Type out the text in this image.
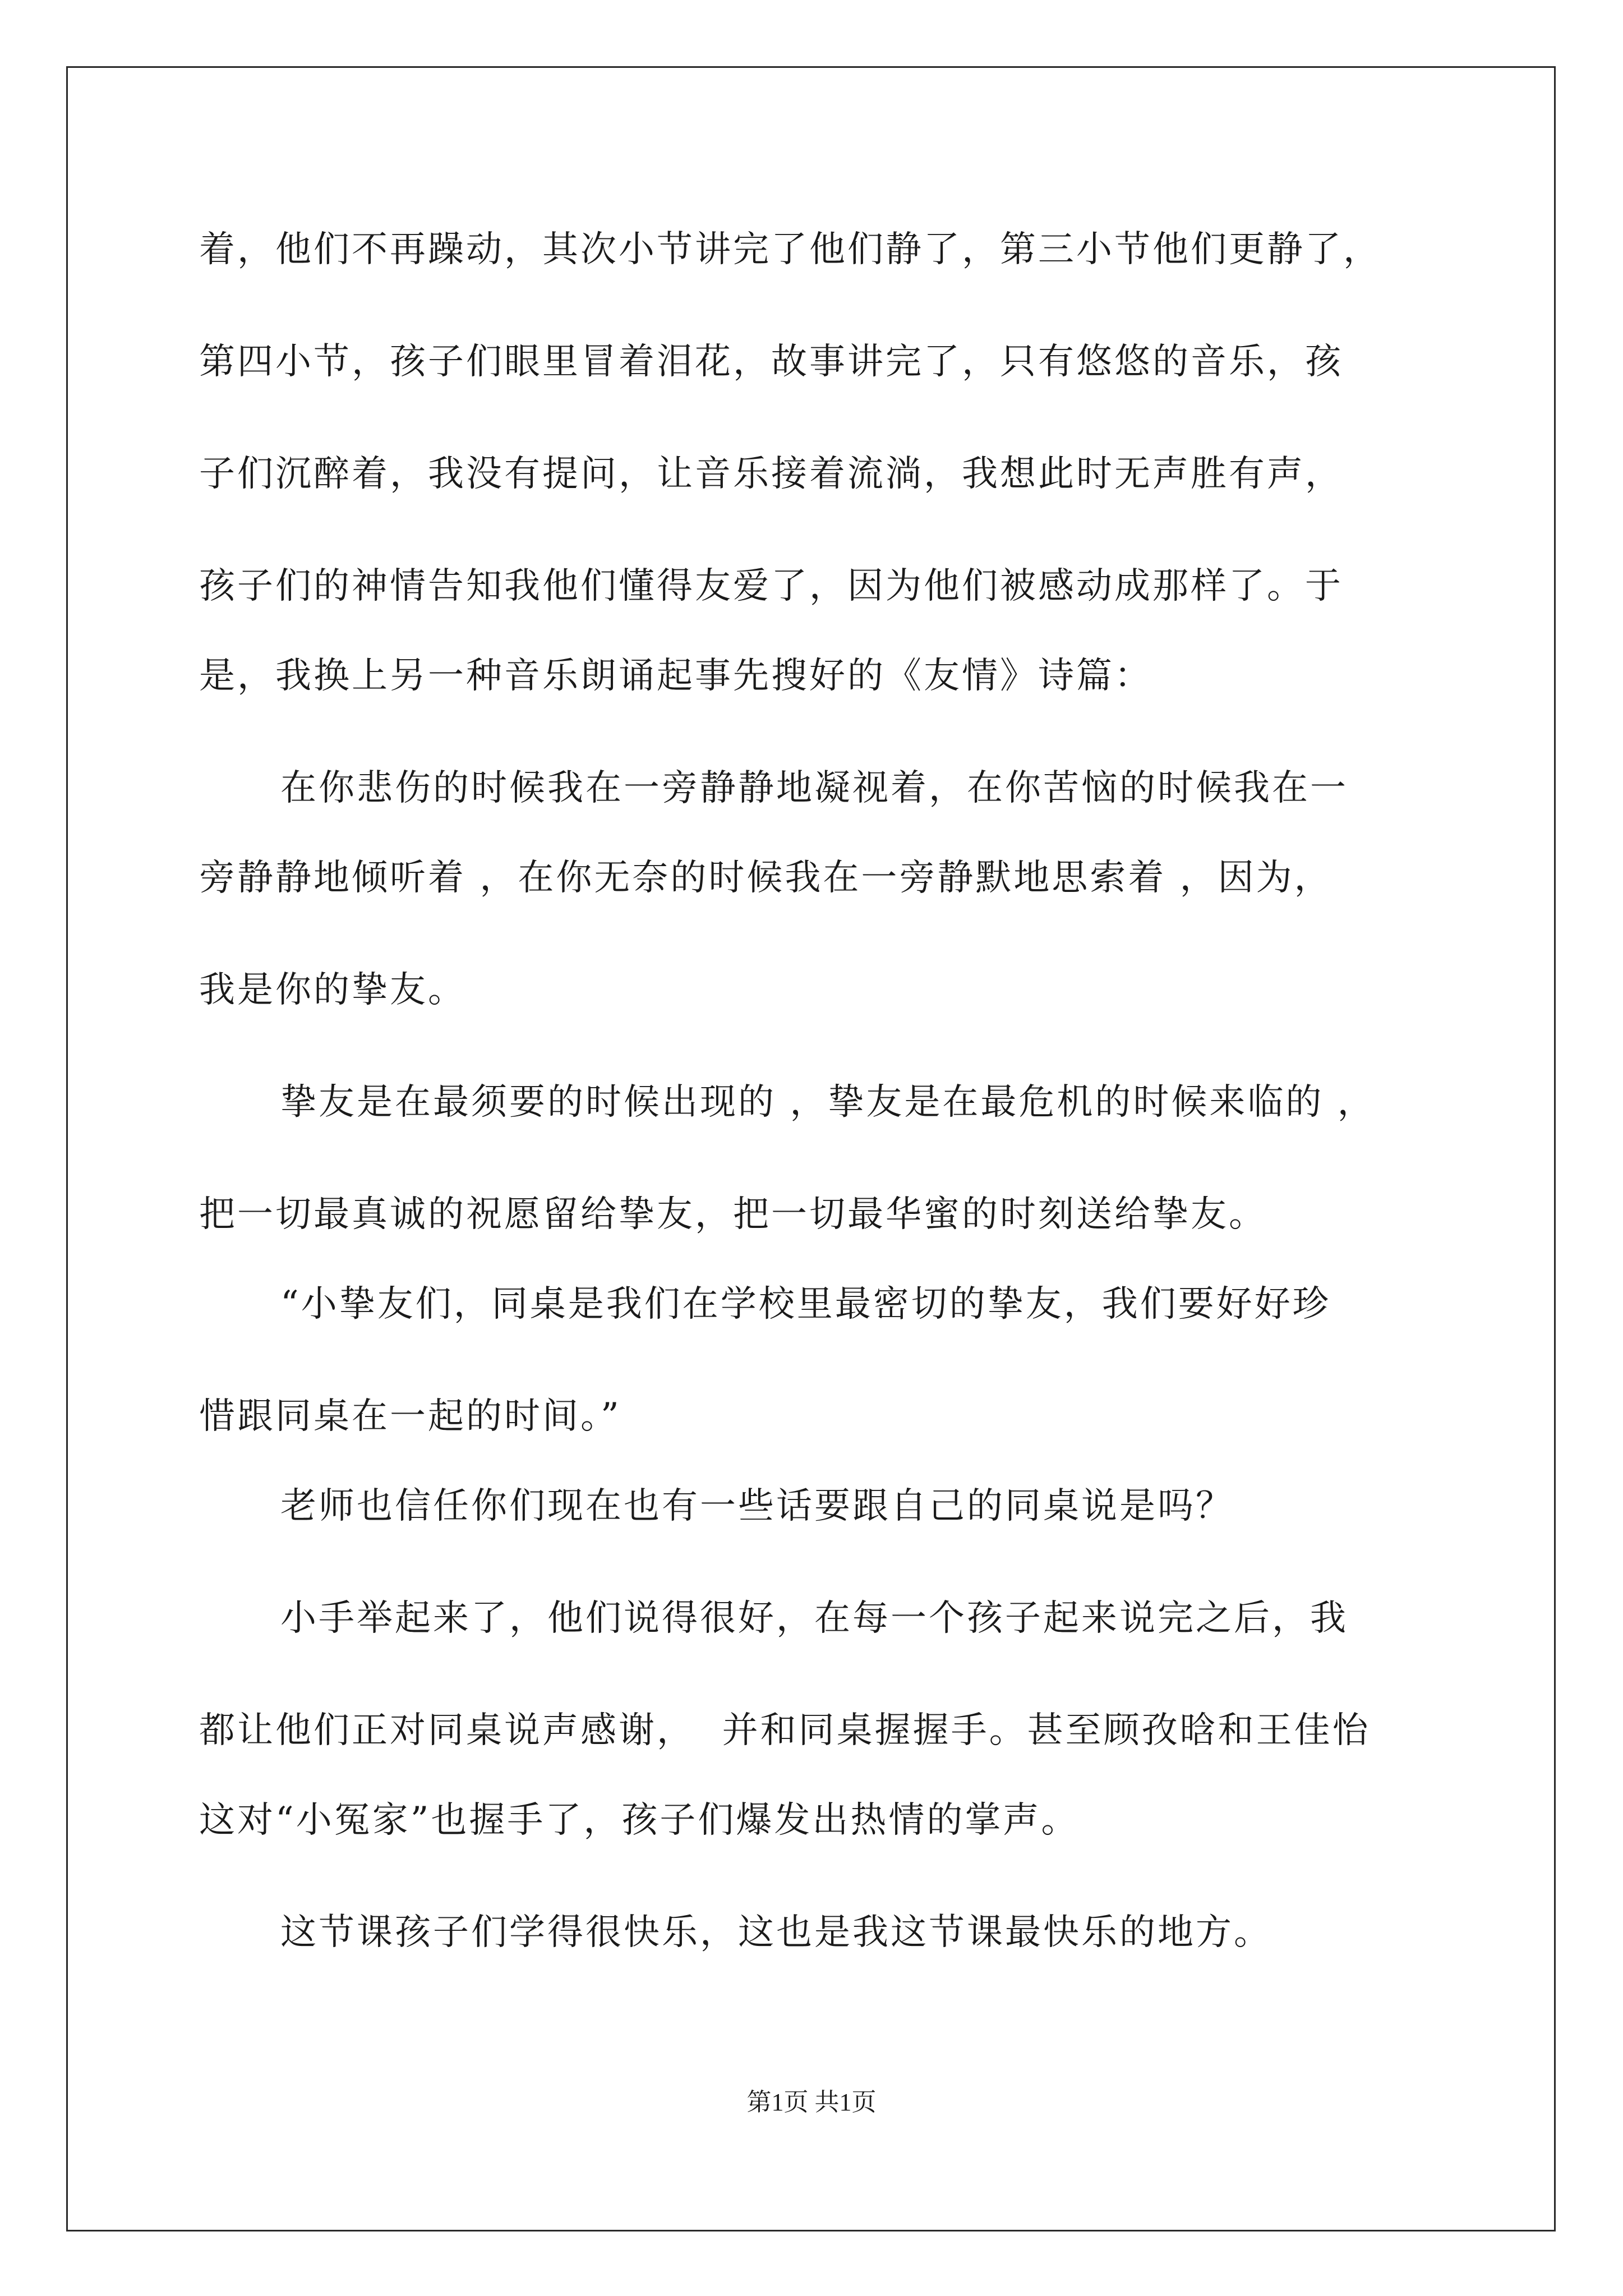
着，他们不再躁动，其次小节讲完了他们静了，第三小节他们更静了，
第四小节，孩子们眼里冒着泪花，故事讲完了，只有悠悠的音乐，孩
子们沉醉着，我没有提问，让音乐接着流淌，我想此时无声胜有声，
孩子们的神情告知我他们懂得友爱了，因为他们被感动成那样了。于
是，我换上另一种音乐朗诵起事先搜好的《友情》诗篇：
在你悲伤的时候我在一旁静静地凝视着，在你苦恼的时候我在一
旁静静地倾听着 ，在你无奈的时候我在一旁静默地思索着 ，因为，
我是你的挚友。
挚友是在最须要的时候出现的 ，挚友是在最危机的时候来临的 ，
把一切最真诚的祝愿留给挚友，把一切最华蜜的时刻送给挚友。
“小挚友们，同桌是我们在学校里最密切的挚友，我们要好好珍
惜跟同桌在一起的时间。”
老师也信任你们现在也有一些话要跟自己的同桌说是吗？
小手举起来了，他们说得很好，在每一个孩子起来说完之后，我
都让他们正对同桌说声感谢，  并和同桌握握手。甚至顾孜晗和王佳怡
这对“小冤家”也握手了，孩子们爆发出热情的掌声。
这节课孩子们学得很快乐，这也是我这节课最快乐的地方。
第1页 共1页
